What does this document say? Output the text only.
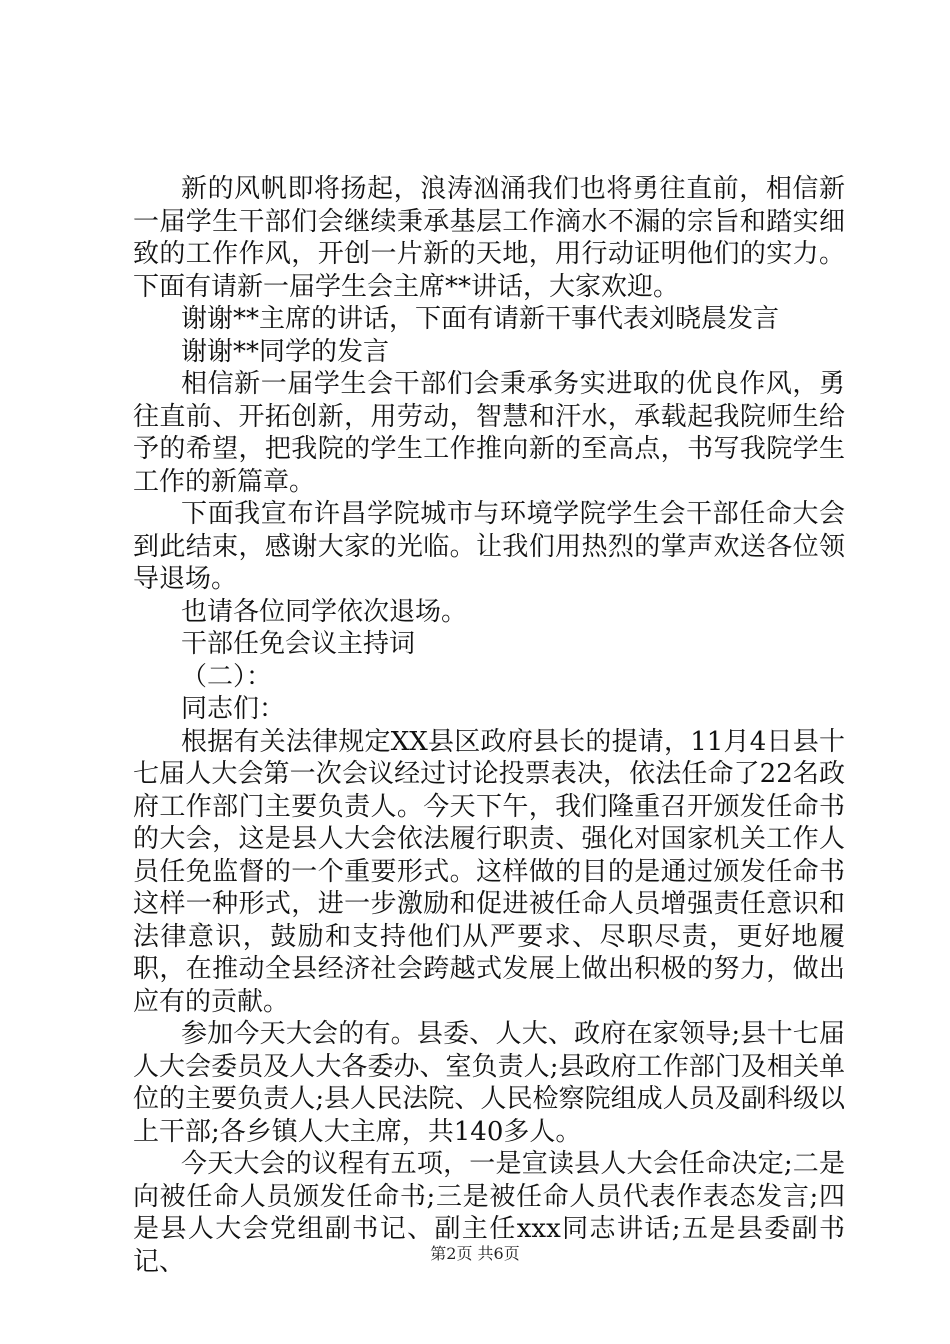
新的风帆即将扬起，浪涛汹涌我们也将勇往直前，相信新一届学生干部们会继续秉承基层工作滴水不漏的宗旨和踏实细致的工作作风，开创一片新的天地，用行动证明他们的实力。下面有请新一届学生会主席**讲话，大家欢迎。

谢谢**主席的讲话，下面有请新干事代表刘晓晨发言

谢谢**同学的发言

相信新一届学生会干部们会秉承务实进取的优良作风，勇往直前、开拓创新，用劳动，智慧和汗水，承载起我院师生给予的希望，把我院的学生工作推向新的至高点，书写我院学生工作的新篇章。

下面我宣布许昌学院城市与环境学院学生会干部任命大会到此结束，感谢大家的光临。让我们用热烈的掌声欢送各位领导退场。

也请各位同学依次退场。

干部任免会议主持词

（二）：

同志们：

根据有关法律规定XX县区政府县长的提请，11月4日县十七届人大会第一次会议经过讨论投票表决，依法任命了22名政府工作部门主要负责人。今天下午，我们隆重召开颁发任命书的大会，这是县人大会依法履行职责、强化对国家机关工作人员任免监督的一个重要形式。这样做的目的是通过颁发任命书这样一种形式，进一步激励和促进被任命人员增强责任意识和法律意识，鼓励和支持他们从严要求、尽职尽责，更好地履职，在推动全县经济社会跨越式发展上做出积极的努力，做出应有的贡献。

参加今天大会的有。县委、人大、政府在家领导;县十七届人大会委员及人大各委办、室负责人;县政府工作部门及相关单位的主要负责人;县人民法院、人民检察院组成人员及副科级以上干部;各乡镇人大主席，共140多人。

今天大会的议程有五项，一是宣读县人大会任命决定;二是向被任命人员颁发任命书;三是被任命人员代表作表态发言;四是县人大会党组副书记、副主任xxx同志讲话;五是县委副书记、	第2页 共6页
